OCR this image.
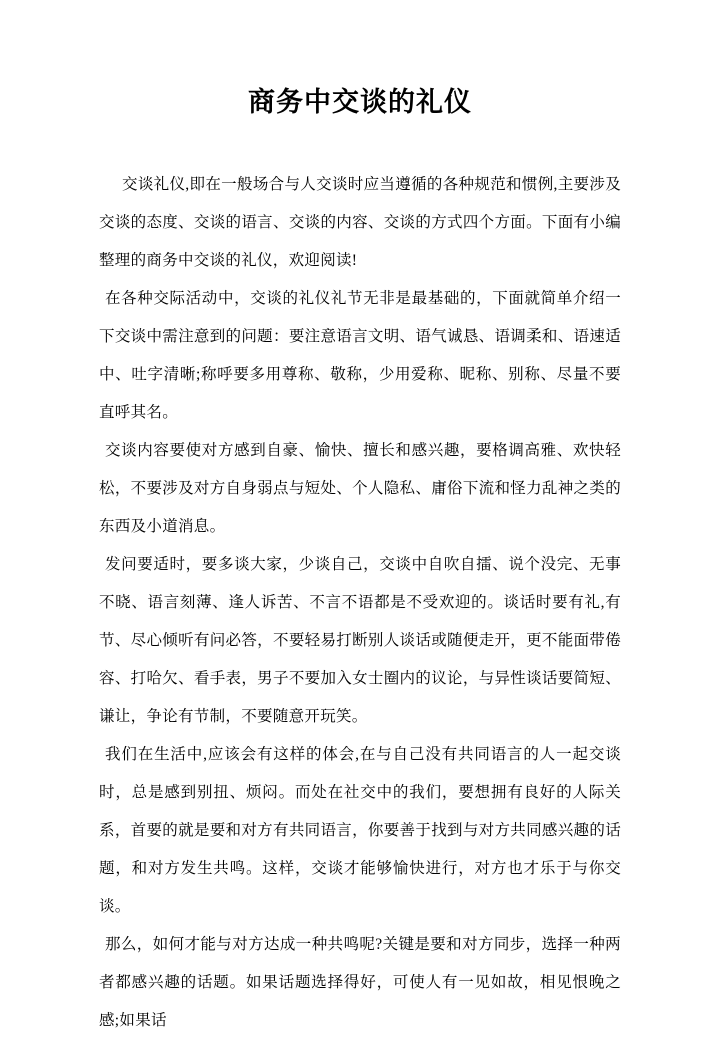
商务中交谈的礼仪

交谈礼仪,即在一般场合与人交谈时应当遵循的各种规范和惯例,主要涉及交谈的态度、交谈的语言、交谈的内容、交谈的方式四个方面。下面有小编整理的商务中交谈的礼仪，欢迎阅读!

在各种交际活动中，交谈的礼仪礼节无非是最基础的，下面就简单介绍一下交谈中需注意到的问题：要注意语言文明、语气诚恳、语调柔和、语速适中、吐字清晰;称呼要多用尊称、敬称，少用爱称、昵称、别称、尽量不要直呼其名。

交谈内容要使对方感到自豪、愉快、擅长和感兴趣，要格调高雅、欢快轻松，不要涉及对方自身弱点与短处、个人隐私、庸俗下流和怪力乱神之类的东西及小道消息。

发问要适时，要多谈大家，少谈自己，交谈中自吹自擂、说个没完、无事不晓、语言刻薄、逢人诉苦、不言不语都是不受欢迎的。谈话时要有礼,有节、尽心倾听有问必答，不要轻易打断别人谈话或随便走开，更不能面带倦容、打哈欠、看手表，男子不要加入女士圈内的议论，与异性谈话要简短、谦让，争论有节制，不要随意开玩笑。

我们在生活中,应该会有这样的体会,在与自己没有共同语言的人一起交谈时，总是感到别扭、烦闷。而处在社交中的我们，要想拥有良好的人际关系，首要的就是要和对方有共同语言，你要善于找到与对方共同感兴趣的话题，和对方发生共鸣。这样，交谈才能够愉快进行，对方也才乐于与你交谈。

那么，如何才能与对方达成一种共鸣呢?关键是要和对方同步，选择一种两者都感兴趣的话题。如果话题选择得好，可使人有一见如故，相见恨晚之感;如果话
